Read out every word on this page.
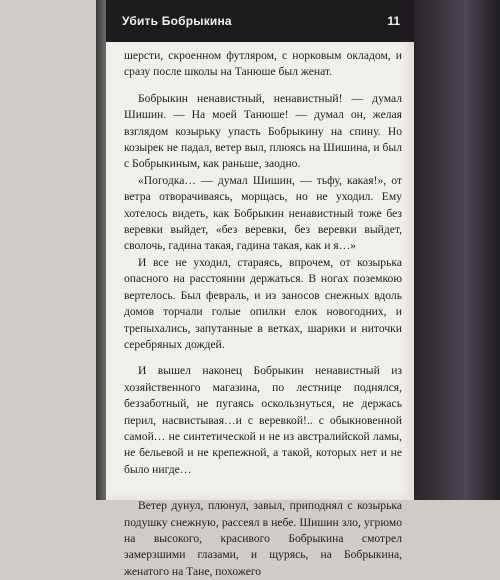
Убить Бобрыкина	11

шерсти, скроенном футляром, с норковым окладом, и сразу после школы на Танюше был женат.

Бобрыкин ненавистный, ненавистный! — думал Шишин. — На моей Танюше! — думал он, желая взглядом козырьку упасть Бобрыкину на спину. Но козырек не падал, ветер выл, плюясь на Шишина, и был с Бобрыкиным, как раньше, заодно.

«Погодка… — думал Шишин, — тьфу, какая!», от ветра отворачиваясь, морщась, но не уходил. Ему хотелось видеть, как Бобрыкин ненавистный тоже без веревки выйдет, «без веревки, без веревки выйдет, сволочь, гадина такая, гадина такая, как и я…»

И все не уходил, стараясь, впрочем, от козырька опасного на расстоянии держаться. В ногах поземкою вертелось. Был февраль, и из заносов снежных вдоль домов торчали голые опилки елок новогодних, и трепыхались, запутанные в ветках, шарики и ниточки серебряных дождей.

И вышел наконец Бобрыкин ненавистный из хозяйственного магазина, по лестнице поднялся, беззаботный, не пугаясь оскользнуться, не держась перил, насвистывая…и с веревкой!.. с обыкновенной самой… не синтетической и не из австралийской ламы, не бельевой и не крепежной, а такой, которых нет и не было нигде…

Ветер дунул, плюнул, завыл, приподнял с козырька подушку снежную, рассеял в небе. Шишин зло, угрюмо на высокого, красивого Бобрыкина смотрел замерзшими глазами, и щурясь, на Бобрыкина, женатого на Тане, похожего
